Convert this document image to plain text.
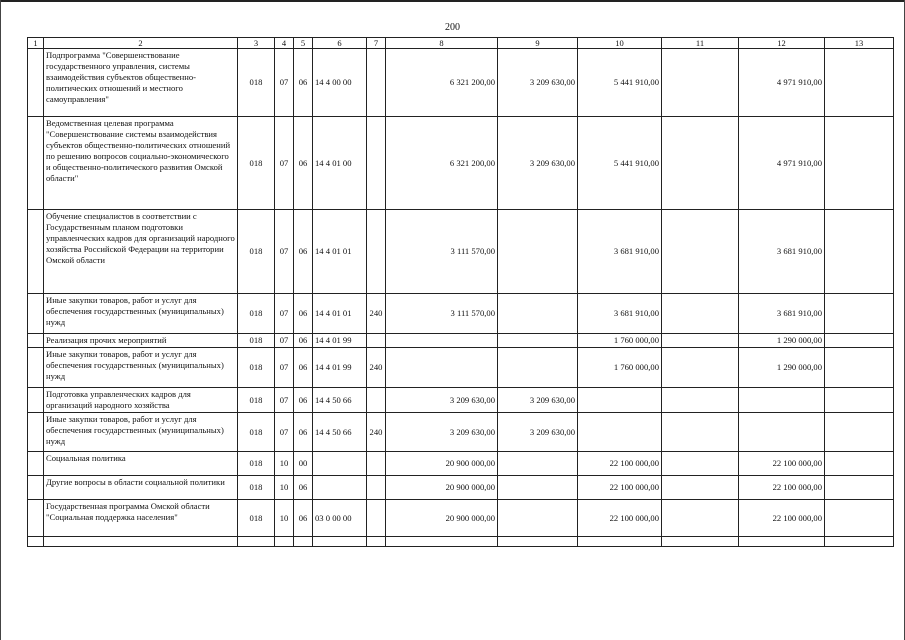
200
1	2	3	4	5	6	7	8	9	10	11	12	13
	Подпрограмма "Совершенствование государственного управления, системы взаимодействия субъектов общественно-политических отношений и местного самоуправления"	018	07	06	14 4 00 00		6 321 200,00	3 209 630,00	5 441 910,00		4 971 910,00	
	Ведомственная целевая программа "Совершенствование системы взаимодействия субъектов общественно-политических отношений по решению вопросов социально-экономического и общественно-политического развития Омской области"	018	07	06	14 4 01 00		6 321 200,00	3 209 630,00	5 441 910,00		4 971 910,00	
	Обучение специалистов в соответствии с Государственным планом подготовки управленческих кадров для организаций народного хозяйства Российской Федерации на территории Омской области	018	07	06	14 4 01 01		3 111 570,00		3 681 910,00		3 681 910,00	
	Иные закупки товаров, работ и услуг для обеспечения государственных (муниципальных) нужд	018	07	06	14 4 01 01	240	3 111 570,00		3 681 910,00		3 681 910,00	
	Реализация прочих мероприятий	018	07	06	14 4 01 99				1 760 000,00		1 290 000,00	
	Иные закупки товаров, работ и услуг для обеспечения государственных (муниципальных) нужд	018	07	06	14 4 01 99	240			1 760 000,00		1 290 000,00	
	Подготовка управленческих кадров для организаций народного хозяйства	018	07	06	14 4 50 66		3 209 630,00	3 209 630,00				
	Иные закупки товаров, работ и услуг для обеспечения государственных (муниципальных) нужд	018	07	06	14 4 50 66	240	3 209 630,00	3 209 630,00				
	Социальная политика	018	10	00			20 900 000,00		22 100 000,00		22 100 000,00	
	Другие вопросы в области социальной политики	018	10	06			20 900 000,00		22 100 000,00		22 100 000,00	
	Государственная программа Омской области "Социальная поддержка населения"	018	10	06	03 0 00 00		20 900 000,00		22 100 000,00		22 100 000,00	
